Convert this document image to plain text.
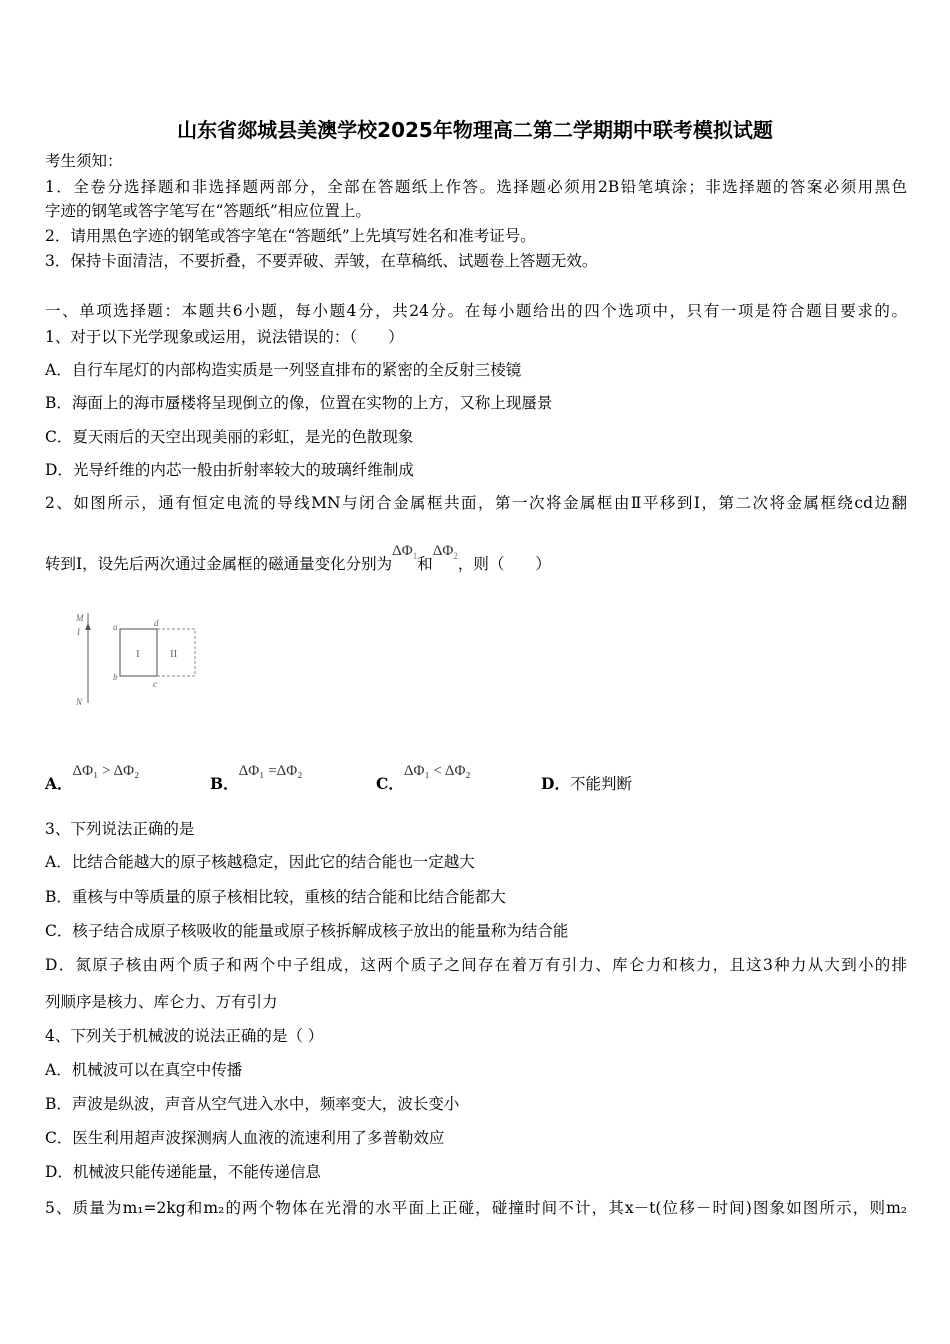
山东省郯城县美澳学校2025年物理高二第二学期期中联考模拟试题
考生须知：
1．全卷分选择题和非选择题两部分，全部在答题纸上作答。选择题必须用2B铅笔填涂；非选择题的答案必须用黑色
字迹的钢笔或答字笔写在“答题纸”相应位置上。
2．请用黑色字迹的钢笔或答字笔在“答题纸”上先填写姓名和准考证号。
3．保持卡面清洁，不要折叠，不要弄破、弄皱，在草稿纸、试题卷上答题无效。
一、单项选择题：本题共6小题，每小题4分，共24分。在每小题给出的四个选项中，只有一项是符合题目要求的。
1、对于以下光学现象或运用，说法错误的：（　　）
A．自行车尾灯的内部构造实质是一列竖直排布的紧密的全反射三棱镜
B．海面上的海市蜃楼将呈现倒立的像，位置在实物的上方，又称上现蜃景
C．夏天雨后的天空出现美丽的彩虹，是光的色散现象
D．光导纤维的内芯一般由折射率较大的玻璃纤维制成
2、如图所示，通有恒定电流的导线MN与闭合金属框共面，第一次将金属框由Ⅱ平移到I，第二次将金属框绕cd边翻
转到I，设先后两次通过金属框的磁通量变化分别为$\Delta\Phi_1$和$\Delta\Phi_2$，则（　　）
M
N
I	a
b
c
d
I	II
A．ΔΦ₁ > ΔΦ₂
B．ΔΦ₁ =ΔΦ₂
C．ΔΦ₁ < ΔΦ₂
D．不能判断
3、下列说法正确的是
A．比结合能越大的原子核越稳定，因此它的结合能也一定越大
B．重核与中等质量的原子核相比较，重核的结合能和比结合能都大
C．核子结合成原子核吸收的能量或原子核拆解成核子放出的能量称为结合能
D．氮原子核由两个质子和两个中子组成，这两个质子之间存在着万有引力、库仑力和核力，且这3种力从大到小的排
列顺序是核力、库仑力、万有引力
4、下列关于机械波的说法正确的是（ ）
A．机械波可以在真空中传播
B．声波是纵波，声音从空气进入水中，频率变大，波长变小
C．医生利用超声波探测病人血液的流速利用了多普勒效应
D．机械波只能传递能量，不能传递信息
5、质量为m₁=2kg和m₂的两个物体在光滑的水平面上正碰，碰撞时间不计，其x－t(位移－时间)图象如图所示，则m₂
